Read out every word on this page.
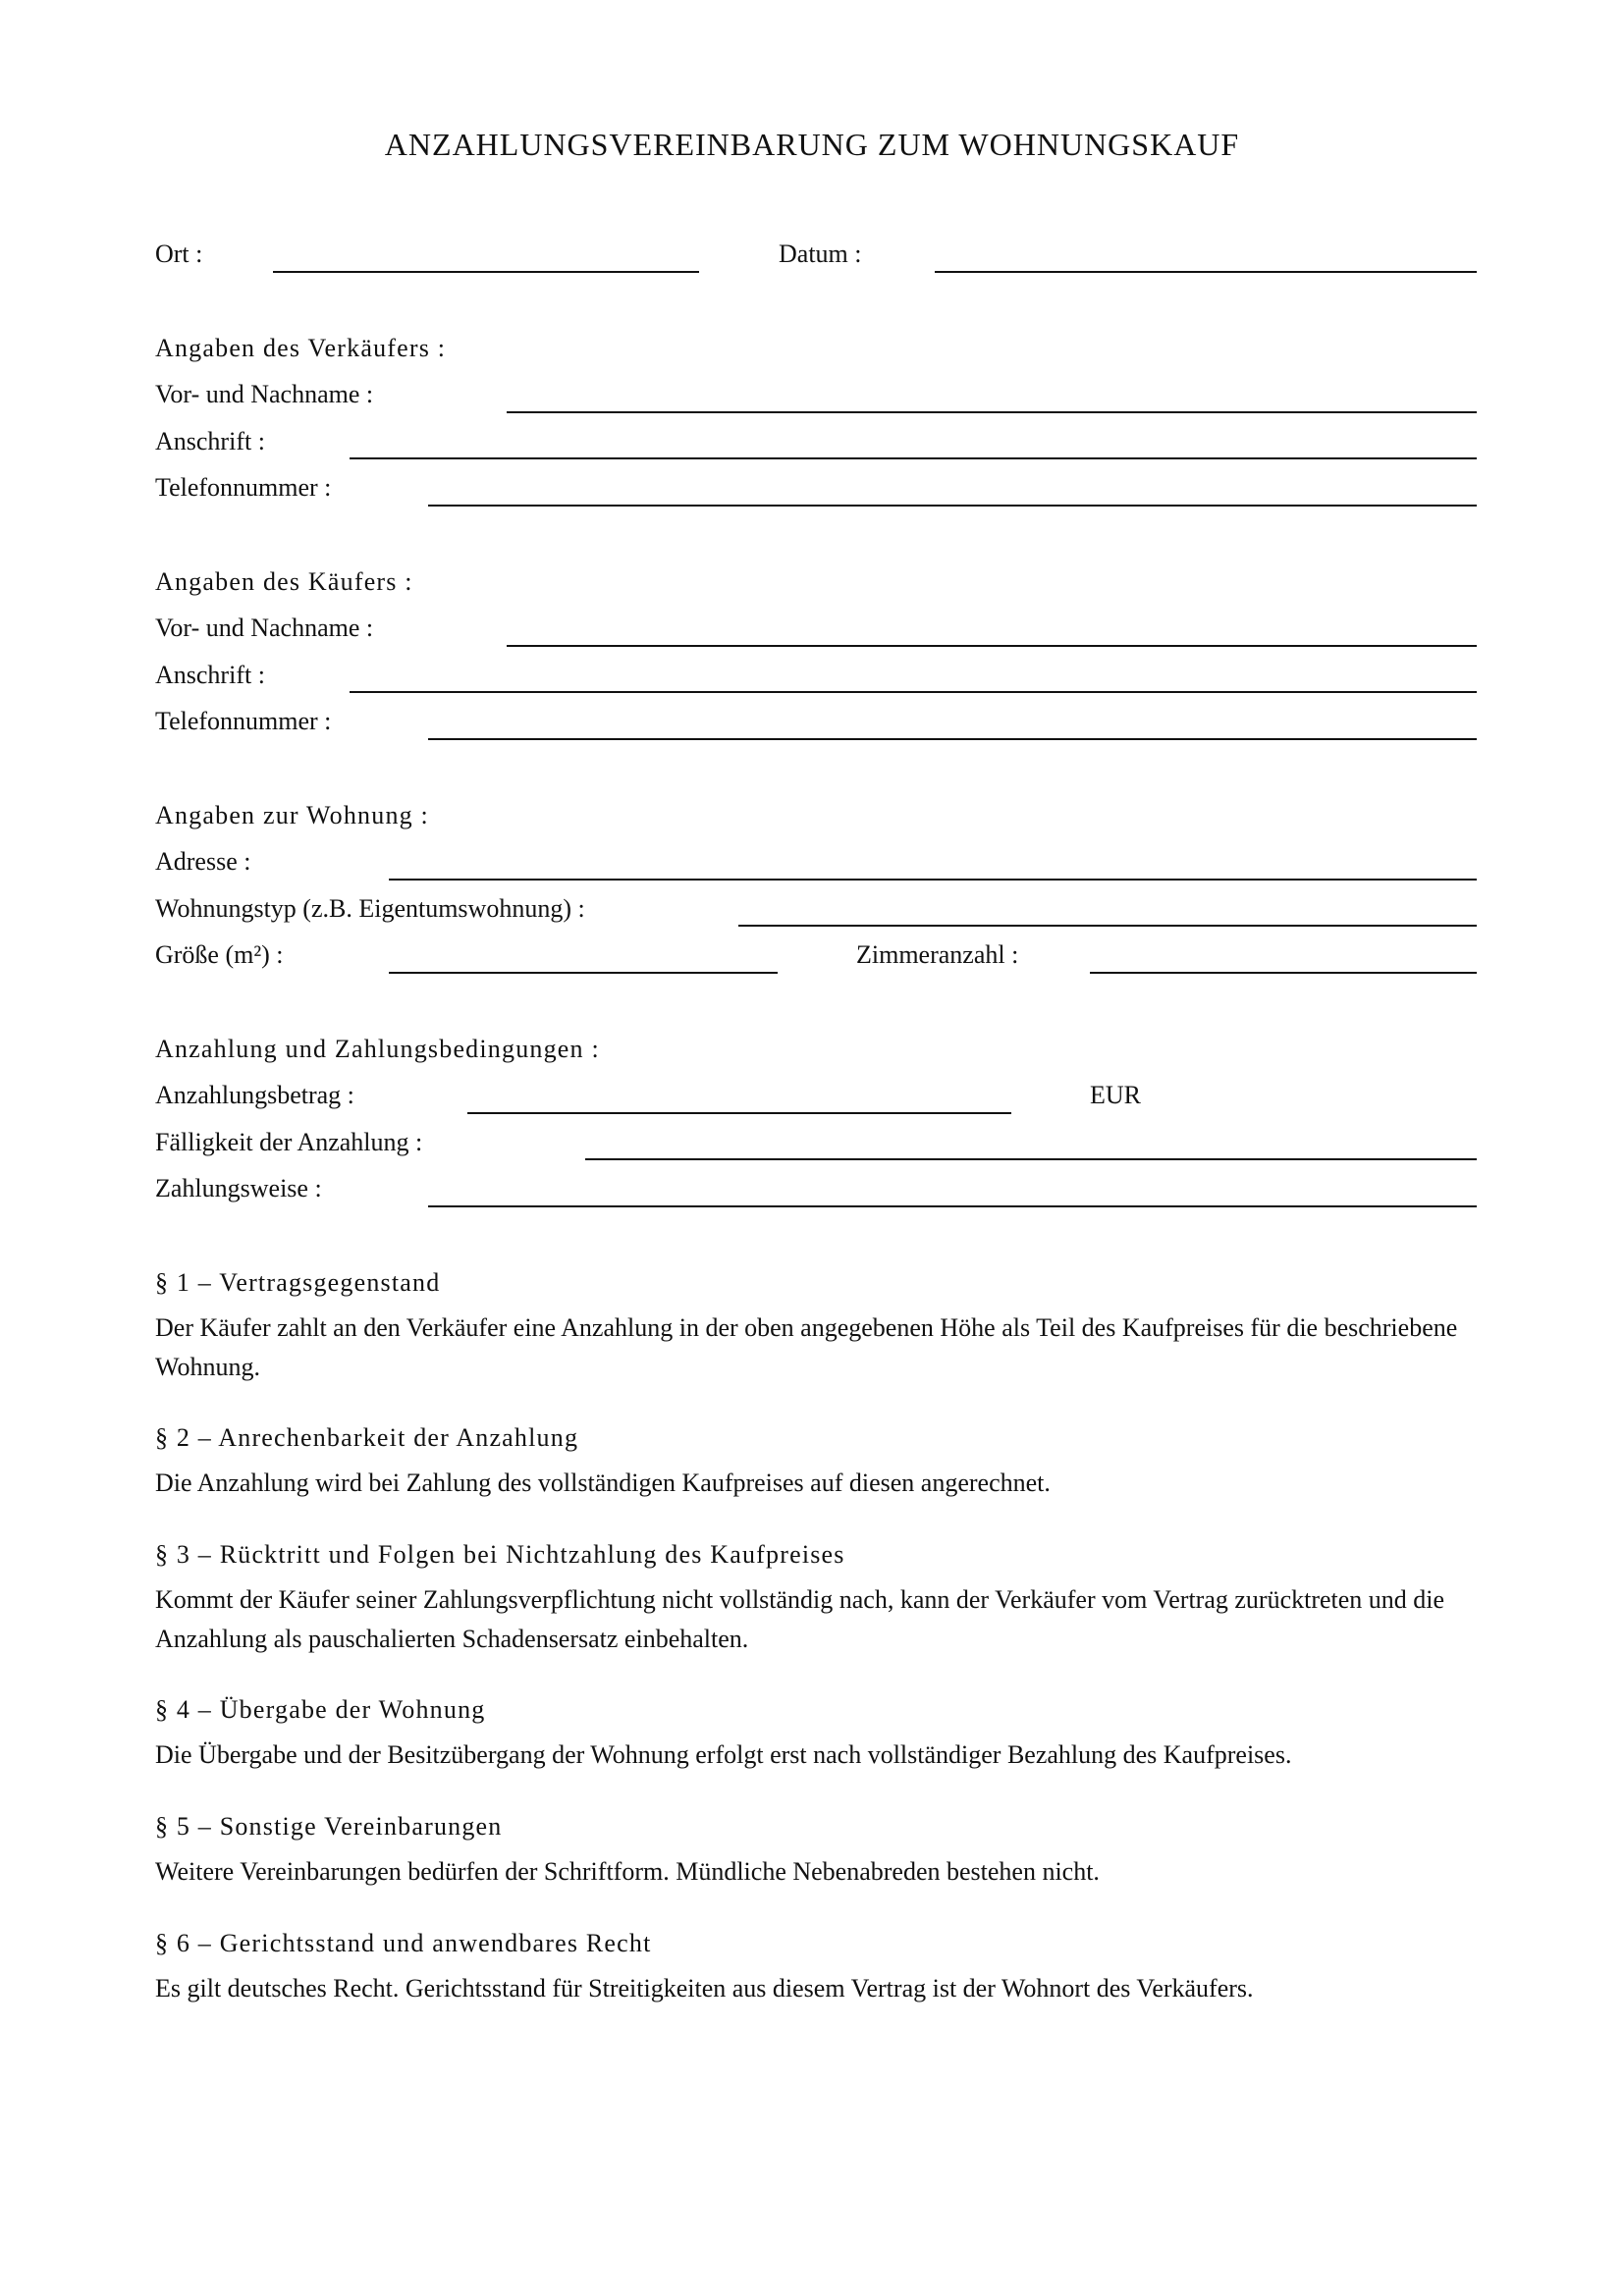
ANZAHLUNGSVEREINBARUNG ZUM WOHNUNGSKAUF
Ort :	Datum :
Angaben des Verkäufers :
Vor- und Nachname :
Anschrift :
Telefonnummer :
Angaben des Käufers :
Vor- und Nachname :
Anschrift :
Telefonnummer :
Angaben zur Wohnung :
Adresse :
Wohnungstyp (z.B. Eigentumswohnung) :
Größe (m²) :	Zimmeranzahl :
Anzahlung und Zahlungsbedingungen :
Anzahlungsbetrag :	EUR
Fälligkeit der Anzahlung :
Zahlungsweise :
§ 1 – Vertragsgegenstand
Der Käufer zahlt an den Verkäufer eine Anzahlung in der oben angegebenen Höhe als Teil des Kaufpreises für die beschriebene Wohnung.
§ 2 – Anrechenbarkeit der Anzahlung
Die Anzahlung wird bei Zahlung des vollständigen Kaufpreises auf diesen angerechnet.
§ 3 – Rücktritt und Folgen bei Nichtzahlung des Kaufpreises
Kommt der Käufer seiner Zahlungsverpflichtung nicht vollständig nach, kann der Verkäufer vom Vertrag zurücktreten und die Anzahlung als pauschalierten Schadensersatz einbehalten.
§ 4 – Übergabe der Wohnung
Die Übergabe und der Besitzübergang der Wohnung erfolgt erst nach vollständiger Bezahlung des Kaufpreises.
§ 5 – Sonstige Vereinbarungen
Weitere Vereinbarungen bedürfen der Schriftform. Mündliche Nebenabreden bestehen nicht.
§ 6 – Gerichtsstand und anwendbares Recht
Es gilt deutsches Recht. Gerichtsstand für Streitigkeiten aus diesem Vertrag ist der Wohnort des Verkäufers.
